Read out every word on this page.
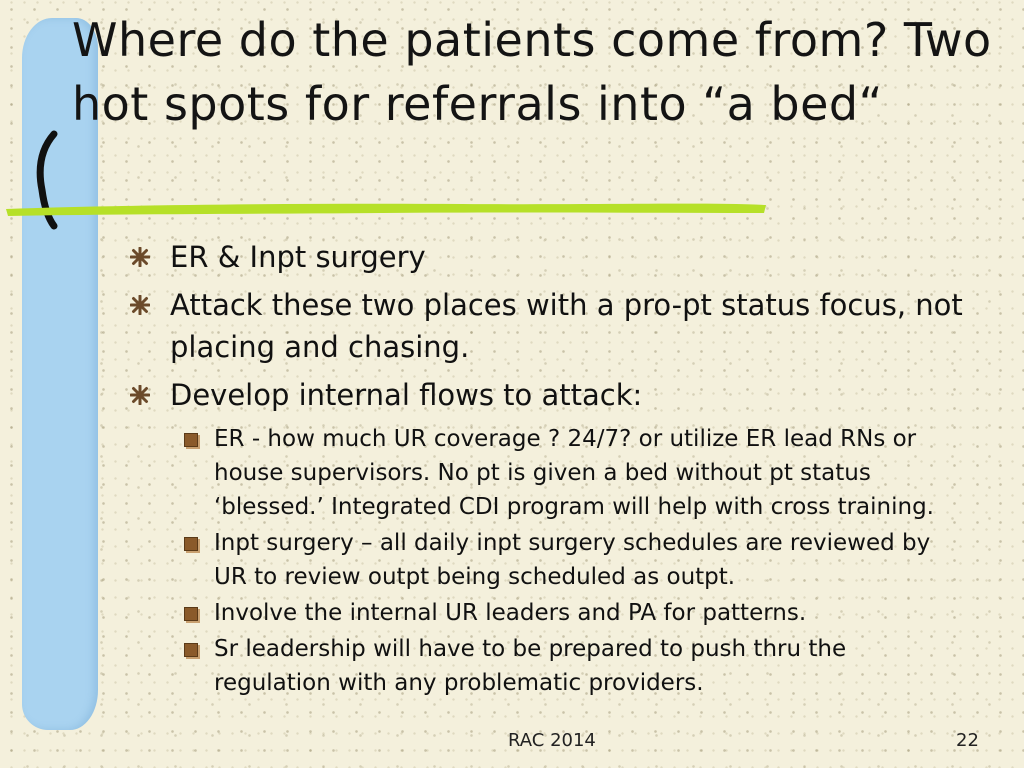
Where do the patients come from? Two hot spots for referrals into “a bed“
ER & Inpt surgery
Attack these two places with a pro-pt status focus, not placing and chasing.
Develop internal flows to attack:
ER - how much UR coverage ? 24/7? or utilize ER lead RNs or house supervisors. No pt is given a bed without pt status ‘blessed.’ Integrated CDI program will help with cross training.
Inpt surgery – all daily inpt surgery schedules are reviewed by UR to review outpt being scheduled as outpt.
Involve the internal UR leaders and PA for patterns.
Sr leadership will have to be prepared to push thru the regulation with any problematic providers.
RAC 2014	22
